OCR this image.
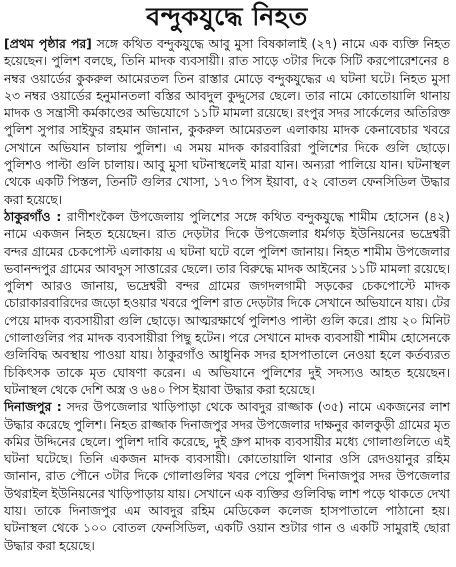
বন্দুকযুদ্ধে নিহত

[প্রথম পৃষ্ঠার পর] সঙ্গে কথিত বন্দুকযুদ্ধে আবু মুসা বিষকালাই (২৭) নামে এক ব্যক্তি নিহত হয়েছেন। পুলিশ বলছে, তিনি মাদক ব্যবসায়ী। রাত সাড়ে ৩টার দিকে সিটি করপোরেশনের ৪ নম্বর ওয়ার্ডের কুকরুল আমেরতল তিন রাস্তার মোড়ে বন্দুকযুদ্ধের এ ঘটনা ঘটে। নিহত মুসা ২৩ নম্বর ওয়ার্ডের হনুমানতলা বস্তির আবদুল কুদ্দুসের ছেলে। তার নামে কোতোয়ালি থানায় মাদক ও সন্ত্রাসী কর্মকাণ্ডের অভিযোগে ১১টি মামলা রয়েছে। রংপুর সদর সার্কেলের অতিরিক্ত পুলিশ সুপার সাইফুর রহমান জানান, কুকরুল আমেরতল এলাকায় মাদক কেনাবেচার খবরে সেখানে অভিযান চালায় পুলিশ। এ সময় মাদক কারবারিরা পুলিশের দিকে গুলি ছোড়ে। পুলিশও পাল্টা গুলি চালায়। আবু মুসা ঘটনাস্থলেই মারা যান। অন্যরা পালিয়ে যান। ঘটনাস্থল থেকে একটি পিস্তল, তিনটি গুলির খোসা, ১৭৩ পিস ইয়াবা, ৫২ বোতল ফেনসিডিল উদ্ধার করা হয়েছে।

ঠাকুরগাঁও : রাণীশংকৈল উপজেলায় পুলিশের সঙ্গে কথিত বন্দুকযুদ্ধে শামীম হোসেন (৪২) নামে একজন নিহত হয়েছেন। রাত দেড়টার দিকে উপজেলার ধর্মগড় ইউনিয়নের ভদ্রেশ্বরী বন্দর গ্রামের চেকপোস্ট এলাকায় এ ঘটনা ঘটে বলে পুলিশ জানায়। নিহত শামীম উপজেলার ভবানন্দপুর গ্রামের আবদুস সাত্তারের ছেলে। তার বিরুদ্ধে মাদক আইনের ১১টি মামলা রয়েছে। পুলিশ আরও জানায়, ভদ্রেশ্বরী বন্দর গ্রামের জগদলগামী সড়কের চেকপোস্টে মাদক চোরাকারবারিদের জড়ো হওয়ার খবরে পুলিশ রাত দেড়টার দিকে সেখানে অভিযানে যায়। টের পেয়ে মাদক ব্যবসায়ীরা গুলি ছোড়ে। আত্মরক্ষার্থে পুলিশও পাল্টা গুলি করে। প্রায় ২০ মিনিট গোলাগুলির পর মাদক ব্যবসায়ীরা পিছু হটেন। পরে সেখানে মাদক ব্যবসায়ী শামীম হোসেনকে গুলিবিদ্ধ অবস্থায় পাওয়া যায়। ঠাকুরগাঁও আধুনিক সদর হাসপাতালে নেওয়া হলে কর্তব্যরত চিকিৎসক তাকে মৃত ঘোষণা করেন। এ অভিযানে পুলিশের দুই সদস্যও আহত হয়েছেন। ঘটনাস্থল থেকে দেশি অস্ত্র ও ৬৪০ পিস ইয়াবা উদ্ধার করা হয়েছে।

দিনাজপুর : সদর উপজেলার খাড়িপাড়া থেকে আবদুর রাজ্জাক (৩৫) নামে একজনের লাশ উদ্ধার করেছে পুলিশ। নিহত রাজ্জাক দিনাজপুর সদর উপজেলার দাক্ষনুর কালকুড়ী গ্রামের মৃত কমির উদ্দিনের ছেলে। পুলিশ দাবি করেছে, দুই গ্রুপ মাদক ব্যবসায়ীর মধ্যে গোলাগুলিতে এই ঘটনা ঘটেছে। তিনি একজন মাদক ব্যবসায়ী। কোতোয়ালি থানার ওসি রেদওয়ানুর রহিম জানান, রাত পৌনে ৩টার দিকে গোলাগুলির খবর পেয়ে পুলিশ দিনাজপুর সদর উপজেলার উথরাইল ইউনিয়নের খাড়িপাড়ায় যায়। সেখানে এক ব্যক্তির গুলিবিদ্ধ লাশ পড়ে থাকতে দেখা যায়। তাকে দিনাজপুর এম আবদুর রহিম মেডিকেল কলেজ হাসপাতালে পাঠানো হয়। ঘটনাস্থল থেকে ১০০ বোতল ফেনসিডিল, একটি ওয়ান শুটার গান ও একটি সামুরাই ছোরা উদ্ধার করা হয়েছে।
